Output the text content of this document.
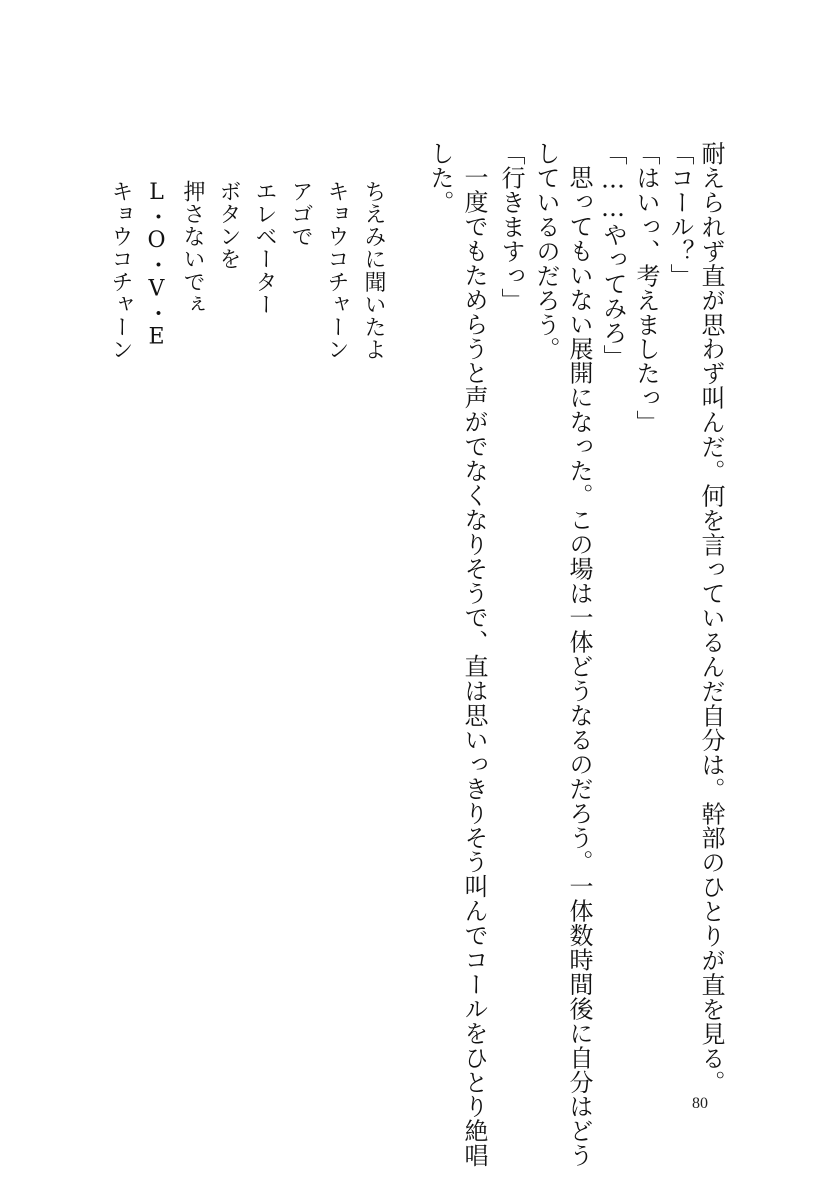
耐えられず直が思わず叫んだ。何を言っているんだ自分は。幹部のひとりが直を見る。
「コール？」
「はいっ、考えましたっ」
「……やってみろ」
思ってもいない展開になった。この場は一体どうなるのだろう。一体数時間後に自分はどう
しているのだろう。
「行きますっ」
一度でもためらうと声がでなくなりそうで、直は思いっきりそう叫んでコールをひとり絶唱
した。
ちえみに聞いたよ
キョウコチャーン
アゴで
エレベーター
ボタンを
押さないでぇ
L・O・V・E
キョウコチャーン
80
